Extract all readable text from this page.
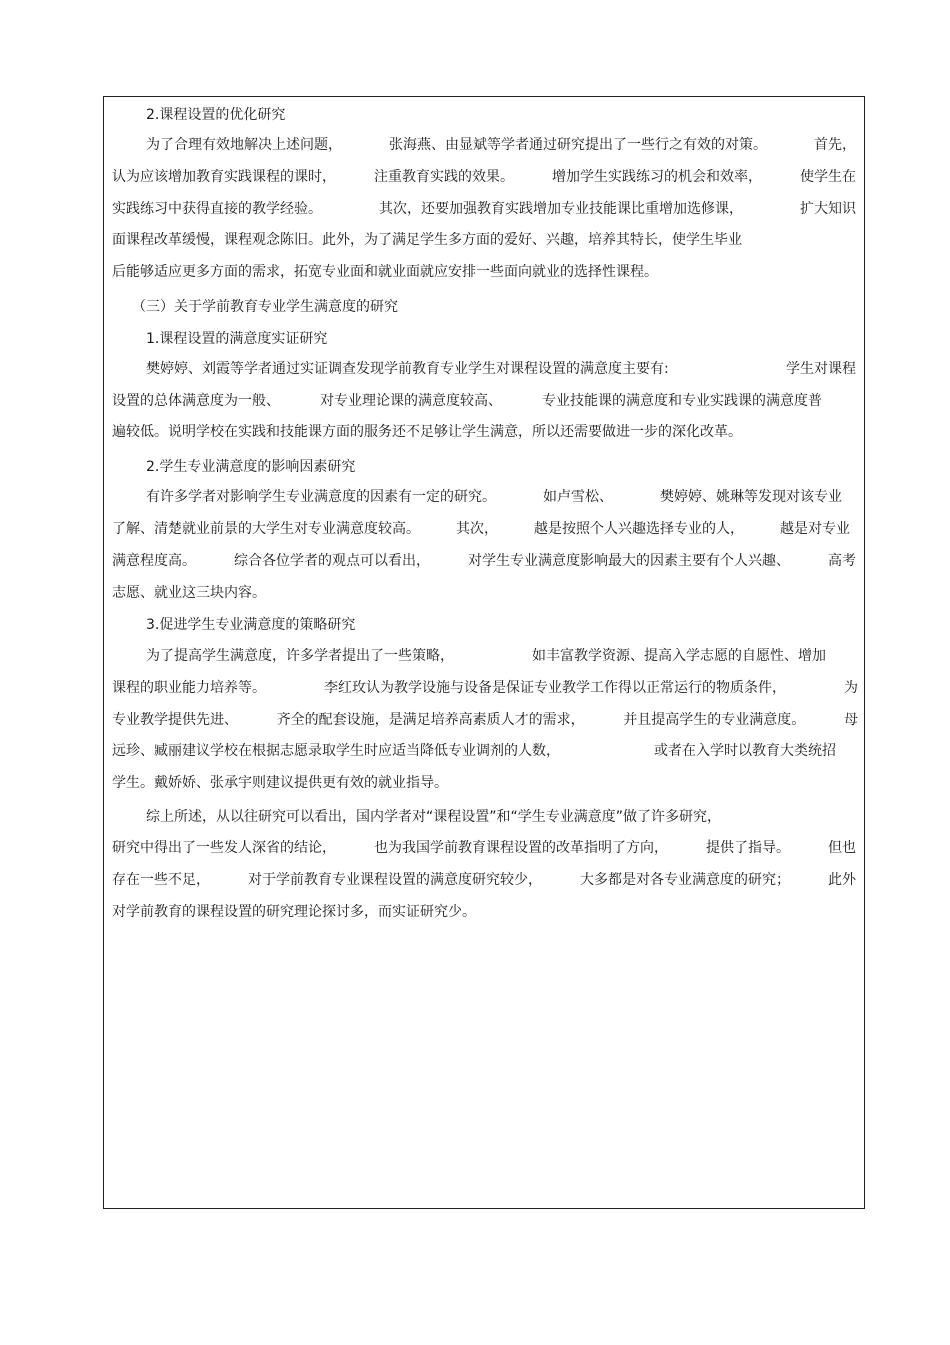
2.课程设置的优化研究
为了合理有效地解决上述问题，	张海燕、由显斌等学者通过研究提出了一些行之有效的对策。	首先，
认为应该增加教育实践课程的课时，	注重教育实践的效果。	增加学生实践练习的机会和效率，	使学生在
实践练习中获得直接的教学经验。	其次，还要加强教育实践增加专业技能课比重增加选修课，	扩大知识
面课程改革缓慢，课程观念陈旧。此外，为了满足学生多方面的爱好、兴趣，培养其特长，使学生毕业
后能够适应更多方面的需求，拓宽专业面和就业面就应安排一些面向就业的选择性课程。
（三）关于学前教育专业学生满意度的研究
1.课程设置的满意度实证研究
樊婷婷、刘霞等学者通过实证调查发现学前教育专业学生对课程设置的满意度主要有:	学生对课程
设置的总体满意度为一般、	对专业理论课的满意度较高、	专业技能课的满意度和专业实践课的满意度普
遍较低。说明学校在实践和技能课方面的服务还不足够让学生满意，所以还需要做进一步的深化改革。
2.学生专业满意度的影响因素研究
有许多学者对影响学生专业满意度的因素有一定的研究。	如卢雪松、	樊婷婷、姚琳等发现对该专业
了解、清楚就业前景的大学生对专业满意度较高。	其次，	越是按照个人兴趣选择专业的人，	越是对专业
满意程度高。	综合各位学者的观点可以看出，	对学生专业满意度影响最大的因素主要有个人兴趣、	高考
志愿、就业这三块内容。
3.促进学生专业满意度的策略研究
为了提高学生满意度，许多学者提出了一些策略，	如丰富教学资源、提高入学志愿的自愿性、增加
课程的职业能力培养等。	李红玫认为教学设施与设备是保证专业教学工作得以正常运行的物质条件，	为
专业教学提供先进、	齐全的配套设施，是满足培养高素质人才的需求，	并且提高学生的专业满意度。	母
远珍、臧丽建议学校在根据志愿录取学生时应适当降低专业调剂的人数，	或者在入学时以教育大类统招
学生。戴娇娇、张承宇则建议提供更有效的就业指导。
综上所述，从以往研究可以看出，国内学者对“课程设置”和“学生专业满意度”做了许多研究，
研究中得出了一些发人深省的结论，	也为我国学前教育课程设置的改革指明了方向，	提供了指导。	但也
存在一些不足，	对于学前教育专业课程设置的满意度研究较少，	大多都是对各专业满意度的研究；	此外
对学前教育的课程设置的研究理论探讨多，而实证研究少。
